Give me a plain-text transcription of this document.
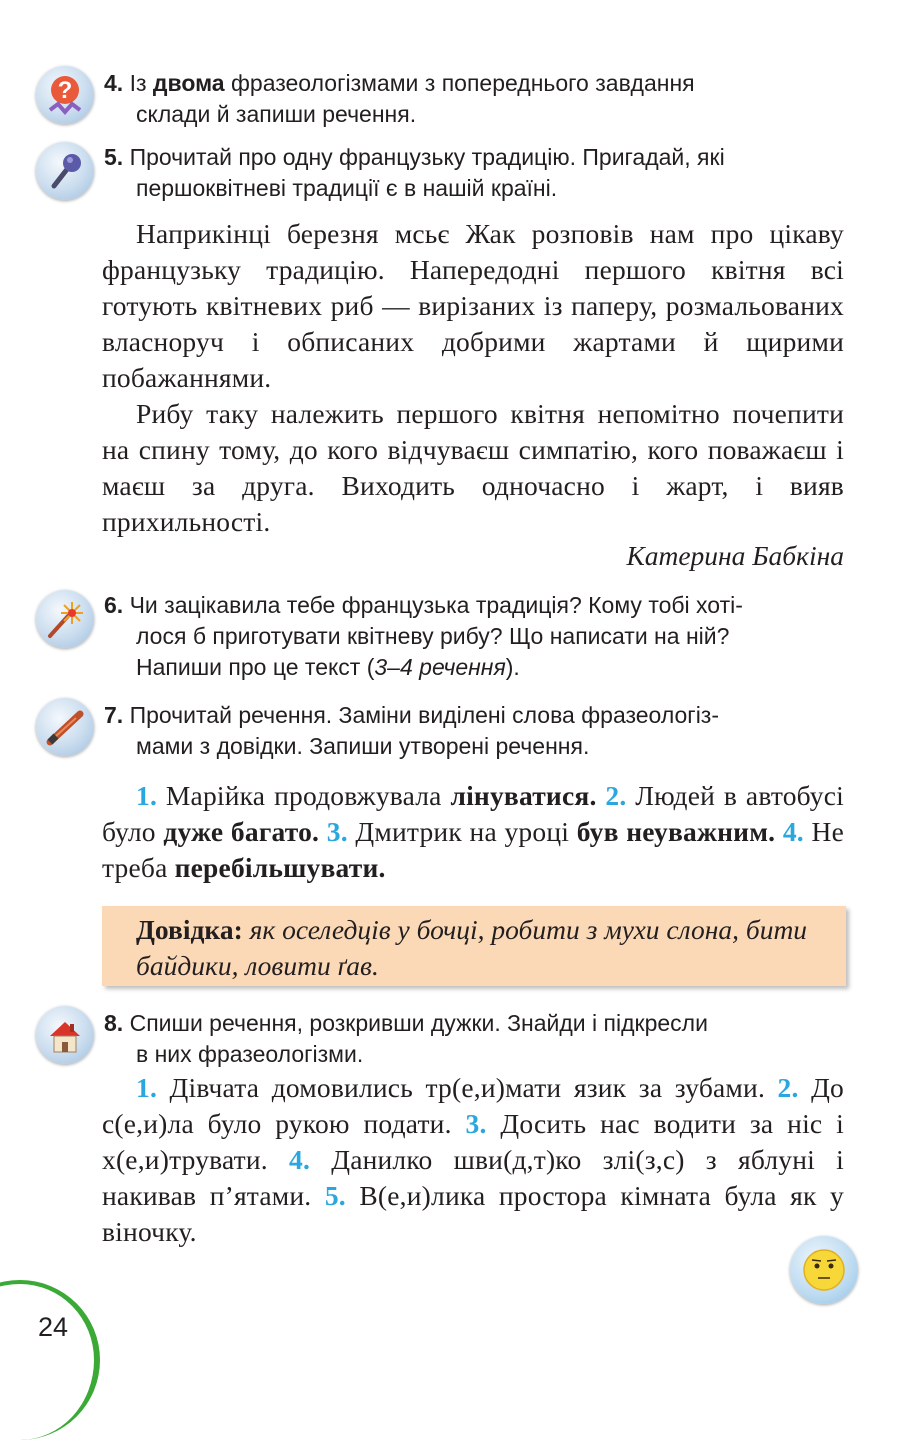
? 4. Із двома фразеологізмами з попереднього завдання
склади й запиши речення.
5. Прочитай про одну французьку традицію. Пригадай, які
першоквітневі традиції є в нашій країні.

Наприкінці березня мсьє Жак розповів нам про цікаву французьку традицію. Напередодні першого квітня всі готують квітневих риб — вирізаних із паперу, розмальованих власноруч і обписаних добрими жартами й щирими побажаннями.

Рибу таку належить першого квітня непомітно почепити на спину тому, до кого відчуваєш симпатію, кого поважаєш і маєш за друга. Виходить одночасно і жарт, і вияв прихильності.

Катерина Бабкіна
6. Чи зацікавила тебе французька традиція? Кому тобі хоті-
лося б приготувати квітневу рибу? Що написати на ній?
Напиши про це текст (3–4 речення).
7. Прочитай речення. Заміни виділені слова фразеологіз-
мами з довідки. Запиши утворені речення.

1. Марійка продовжувала лінуватися. 2. Людей в автобусі було дуже багато. 3. Дмитрик на уроці був неуважним. 4. Не треба перебільшувати.

Довідка: як оселедців у бочці, робити з мухи слона, бити байдики, ловити ґав.
8. Спиши речення, розкривши дужки. Знайди і підкресли
в них фразеологізми.

1. Дівчата домовились тр(е,и)мати язик за зубами. 2. До с(е,и)ла було рукою подати. 3. Досить нас водити за ніс і х(е,и)трувати. 4. Данилко шви(д,т)ко злі(з,с) з яблуні і накивав п’ятами. 5. В(е,и)лика простора кімната була як у віночку.

24
